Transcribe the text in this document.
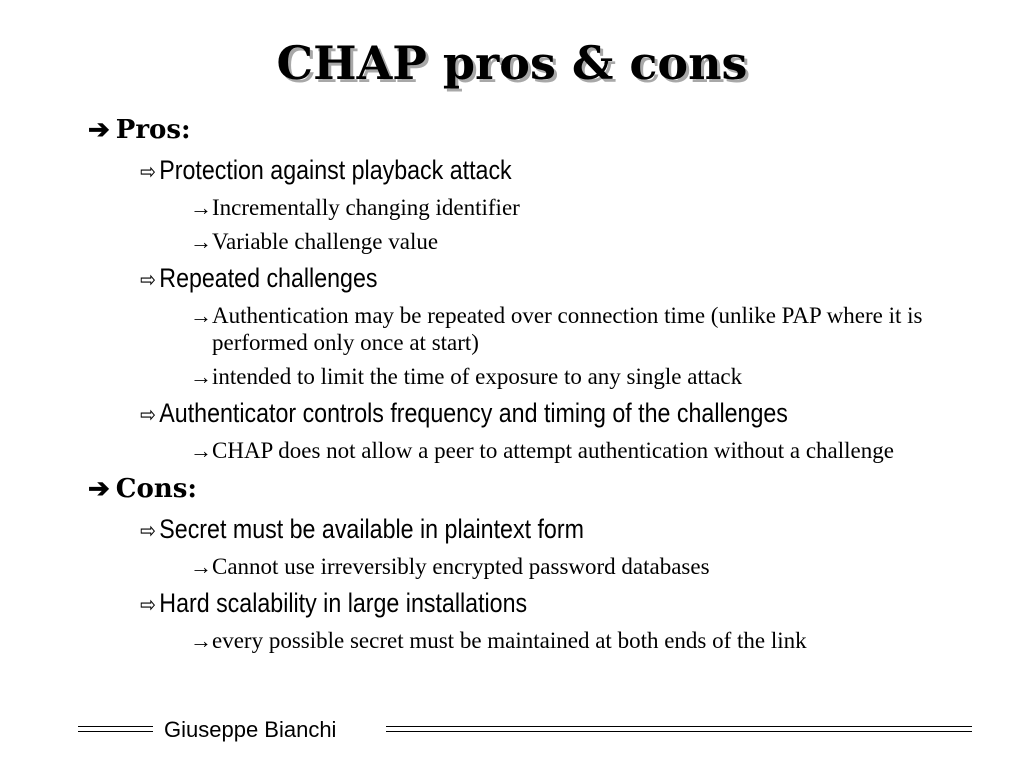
CHAP pros & cons
➔ Pros:
⇨ Protection against playback attack
→ Incrementally changing identifier
→ Variable challenge value
⇨ Repeated challenges
→ Authentication may be repeated over connection time (unlike PAP where it is performed only once at start)
→ intended to limit the time of exposure to any single attack
⇨ Authenticator controls frequency and timing of the challenges
→ CHAP does not allow a peer to attempt authentication without a challenge
➔ Cons:
⇨ Secret must be available in plaintext form
→ Cannot use irreversibly encrypted password databases
⇨ Hard scalability in large installations
→ every possible secret must be maintained at both ends of the link
Giuseppe Bianchi
